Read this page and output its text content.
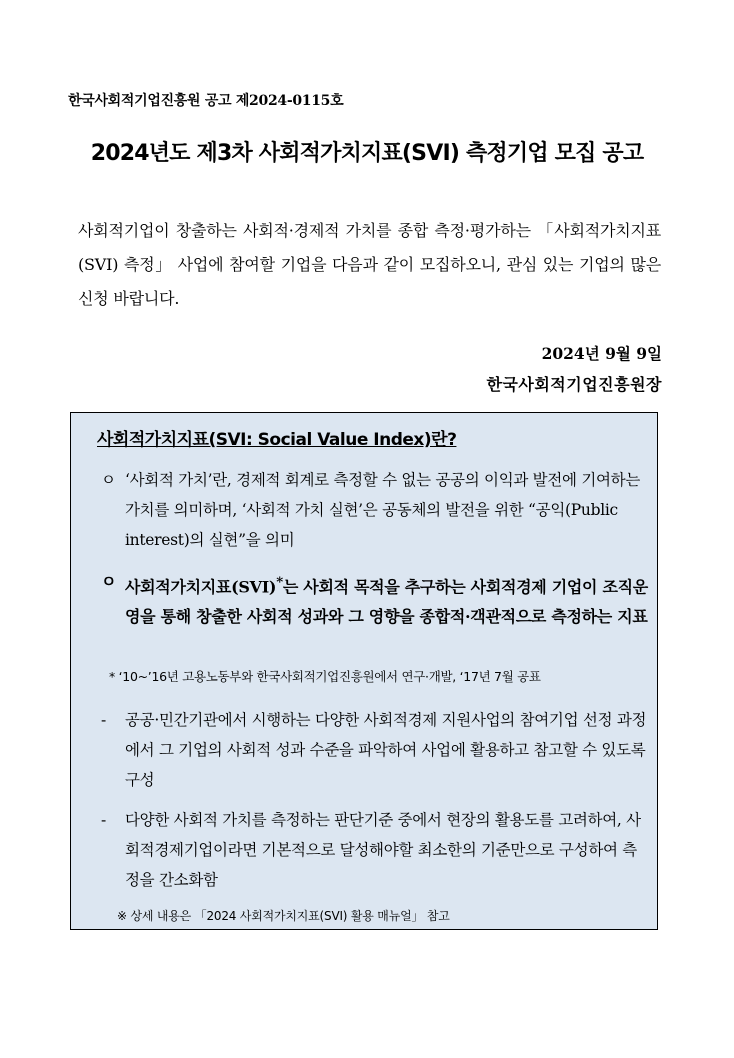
한국사회적기업진흥원 공고 제2024-0115호
2024년도 제3차 사회적가치지표(SVI) 측정기업 모집 공고

사회적기업이 창출하는 사회적·경제적 가치를 종합 측정·평가하는 「사회적가치지표(SVI) 측정」 사업에 참여할 기업을 다음과 같이 모집하오니, 관심 있는 기업의 많은 신청 바랍니다.

2024년 9월 9일
한국사회적기업진흥원장
사회적가치지표(SVI: Social Value Index)란?
ㅇ ‘사회적 가치’란, 경제적 회계로 측정할 수 없는 공공의 이익과 발전에 기여하는 가치를 의미하며, ‘사회적 가치 실현’은 공동체의 발전을 위한 “공익(Public interest)의 실현”을 의미
ㅇ 사회적가치지표(SVI)*는 사회적 목적을 추구하는 사회적경제 기업이 조직운영을 통해 창출한 사회적 성과와 그 영향을 종합적·객관적으로 측정하는 지표
* ‘10~’16년 고용노동부와 한국사회적기업진흥원에서 연구·개발, ‘17년 7월 공표
-	공공·민간기관에서 시행하는 다양한 사회적경제 지원사업의 참여기업 선정 과정에서 그 기업의 사회적 성과 수준을 파악하여 사업에 활용하고 참고할 수 있도록 구성
-	다양한 사회적 가치를 측정하는 판단기준 중에서 현장의 활용도를 고려하여, 사회적경제기업이라면 기본적으로 달성해야할 최소한의 기준만으로 구성하여 측정을 간소화함
※ 상세 내용은 「2024 사회적가치지표(SVI) 활용 매뉴얼」 참고
